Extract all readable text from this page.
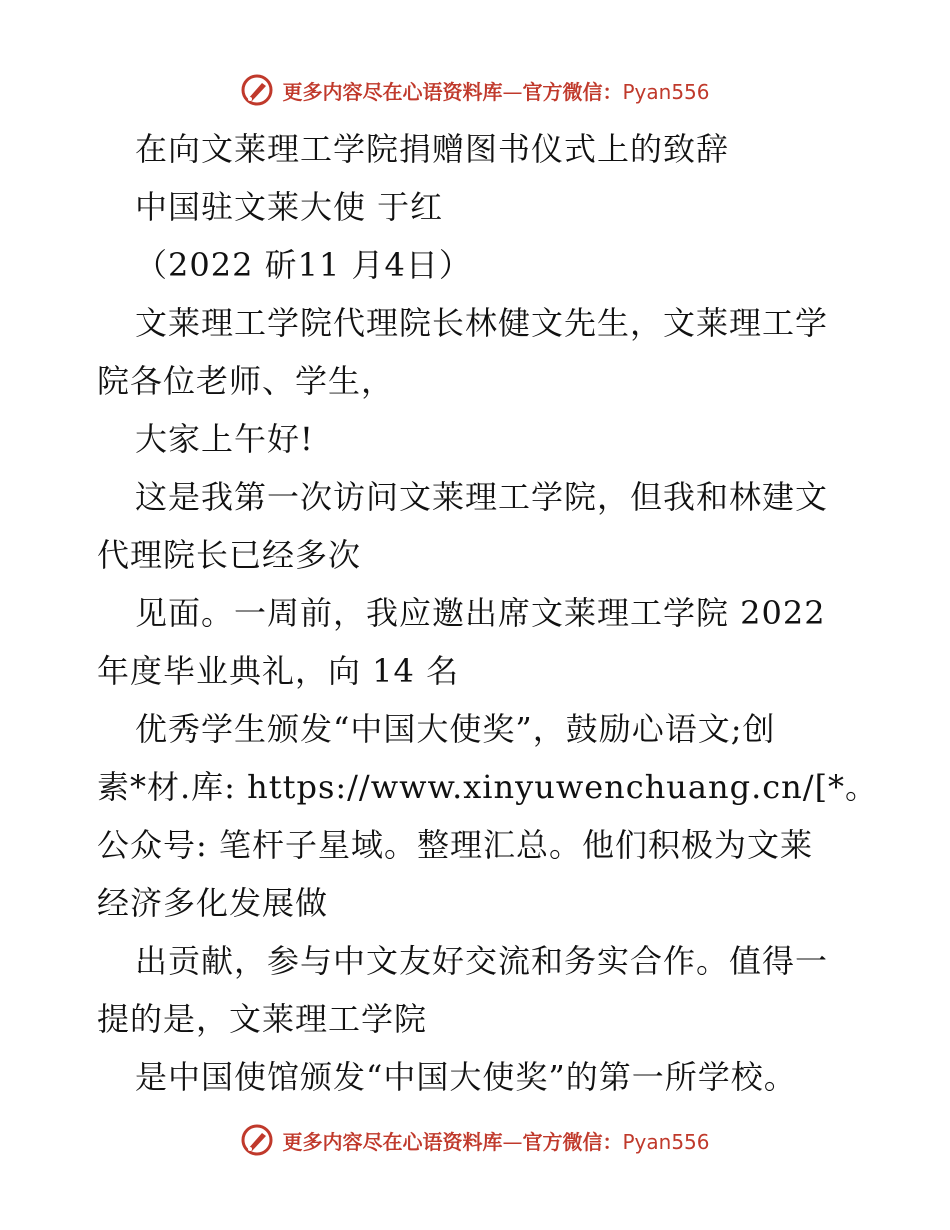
更多内容尽在心语资料库—官方微信：Pyan556

在向文莱理工学院捐赠图书仪式上的致辞

中国驻文莱大使 于红

（2022 斫11 月4日）

文莱理工学院代理院长林健文先生，文莱理工学

院各位老师、学生，

大家上午好!

这是我第一次访问文莱理工学院，但我和林建文

代理院长已经多次

见面。一周前，我应邀出席文莱理工学院 2022

年度毕业典礼，向 14 名

优秀学生颁发“中国大使奖”，鼓励心语文;创

素*材.库: https://www.xinyuwenchuang.cn/[*。

公众号: 笔杆子星域。整理汇总。他们积极为文莱

经济多化发展做

出贡献，参与中文友好交流和务实合作。值得一

提的是，文莱理工学院

是中国使馆颁发“中国大使奖”的第一所学校。

更多内容尽在心语资料库—官方微信：Pyan556
